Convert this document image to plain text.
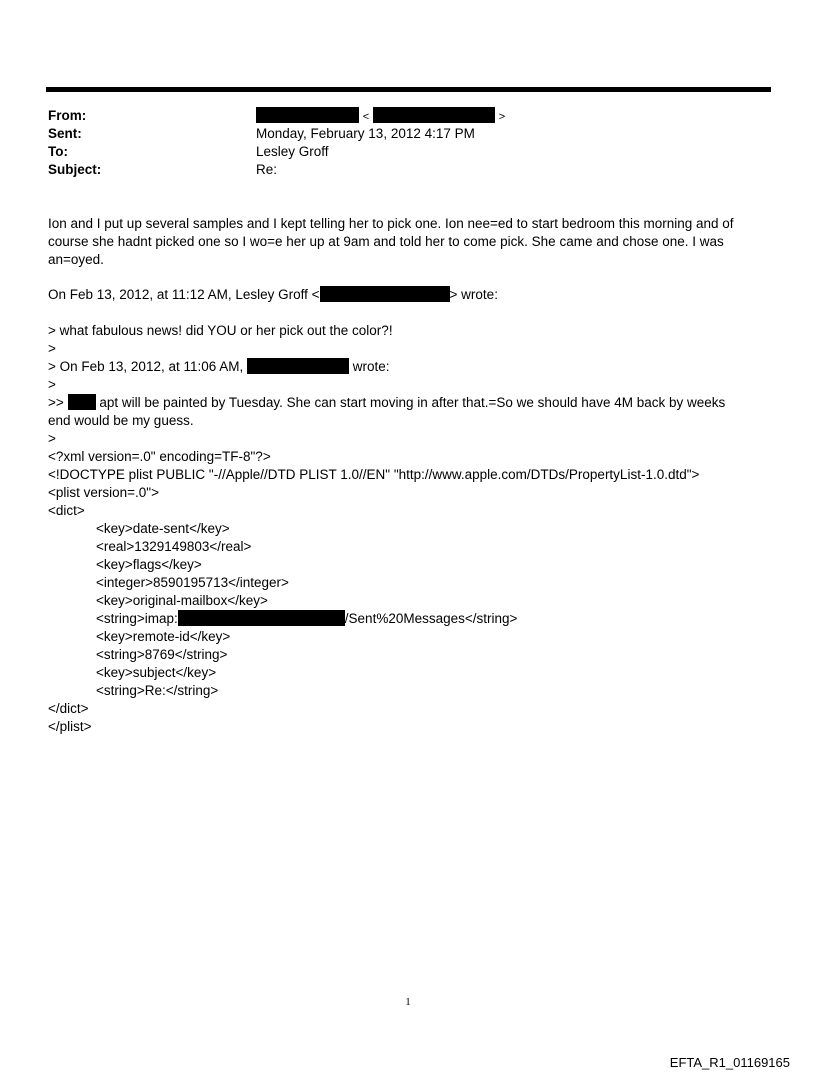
From:	<	>
Sent:	Monday, February 13, 2012 4:17 PM
To:	Lesley Groff
Subject:	Re:
Ion and I put up several samples and I kept telling her to pick one. Ion nee=ed to start bedroom this morning and of course she hadnt picked one so I wo=e her up at 9am and told her to come pick. She came and chose one. I was an=oyed.
On Feb 13, 2012, at 11:12 AM, Lesley Groff <	> wrote:
> what fabulous news! did YOU or her pick out the color?!
>
> On Feb 13, 2012, at 11:06 AM,	wrote:
>
>>	apt will be painted by Tuesday. She can start moving in after that.=So we should have 4M back by weeks end would be my guess.
>
<?xml version=.0" encoding=TF-8"?>
<!DOCTYPE plist PUBLIC "-//Apple//DTD PLIST 1.0//EN" "http://www.apple.com/DTDs/PropertyList-1.0.dtd">
<plist version=.0">
<dict>
<key>date-sent</key>
<real>1329149803</real>
<key>flags</key>
<integer>8590195713</integer>
<key>original-mailbox</key>
<string>imap:	/Sent%20Messages</string>
<key>remote-id</key>
<string>8769</string>
<key>subject</key>
<string>Re:</string>
</dict>
</plist>
1
EFTA_R1_01169165
